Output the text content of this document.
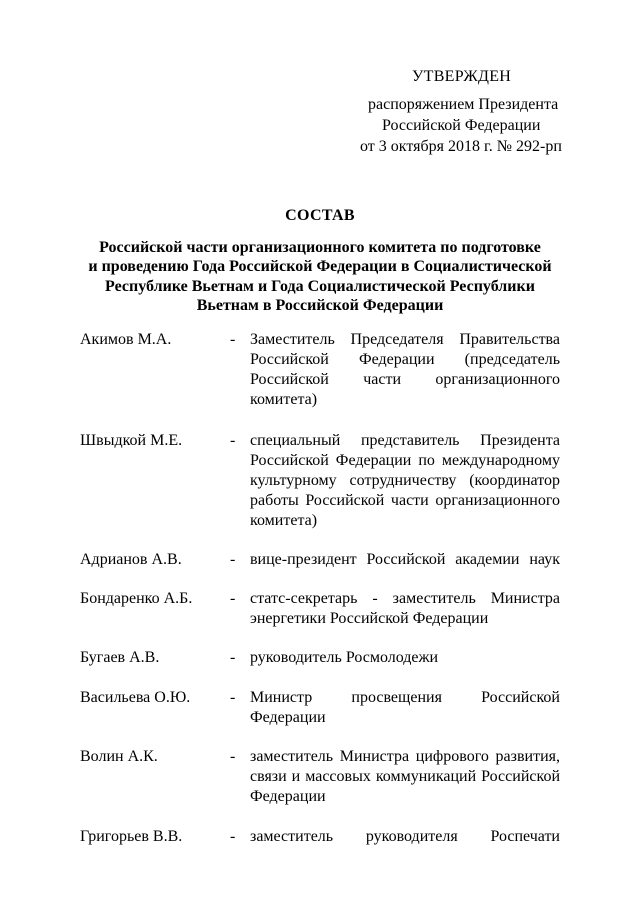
УТВЕРЖДЕН
распоряжением Президента
Российской Федерации
от 3 октября 2018 г. № 292-рп
СОСТАВ
Российской части организационного комитета по подготовке
и проведению Года Российской Федерации в Социалистической
Республике Вьетнам и Года Социалистической Республики
Вьетнам в Российской Федерации
Акимов М.А.	- Заместитель Председателя Правительства
Российской Федерации (председатель
Российской части организационного
комитета)
Швыдкой М.Е.	- специальный представитель Президента
Российской Федерации по международному
культурному сотрудничеству (координатор
работы Российской части организационного
комитета)
Адрианов А.В.	- вице-президент Российской академии наук
Бондаренко А.Б.	- статс-секретарь - заместитель Министра
энергетики Российской Федерации
Бугаев А.В.	- руководитель Росмолодежи
Васильева О.Ю.	- Министр просвещения Российской
Федерации
Волин А.К.	- заместитель Министра цифрового развития,
связи и массовых коммуникаций Российской
Федерации
Григорьев В.В.	- заместитель руководителя Роспечати
